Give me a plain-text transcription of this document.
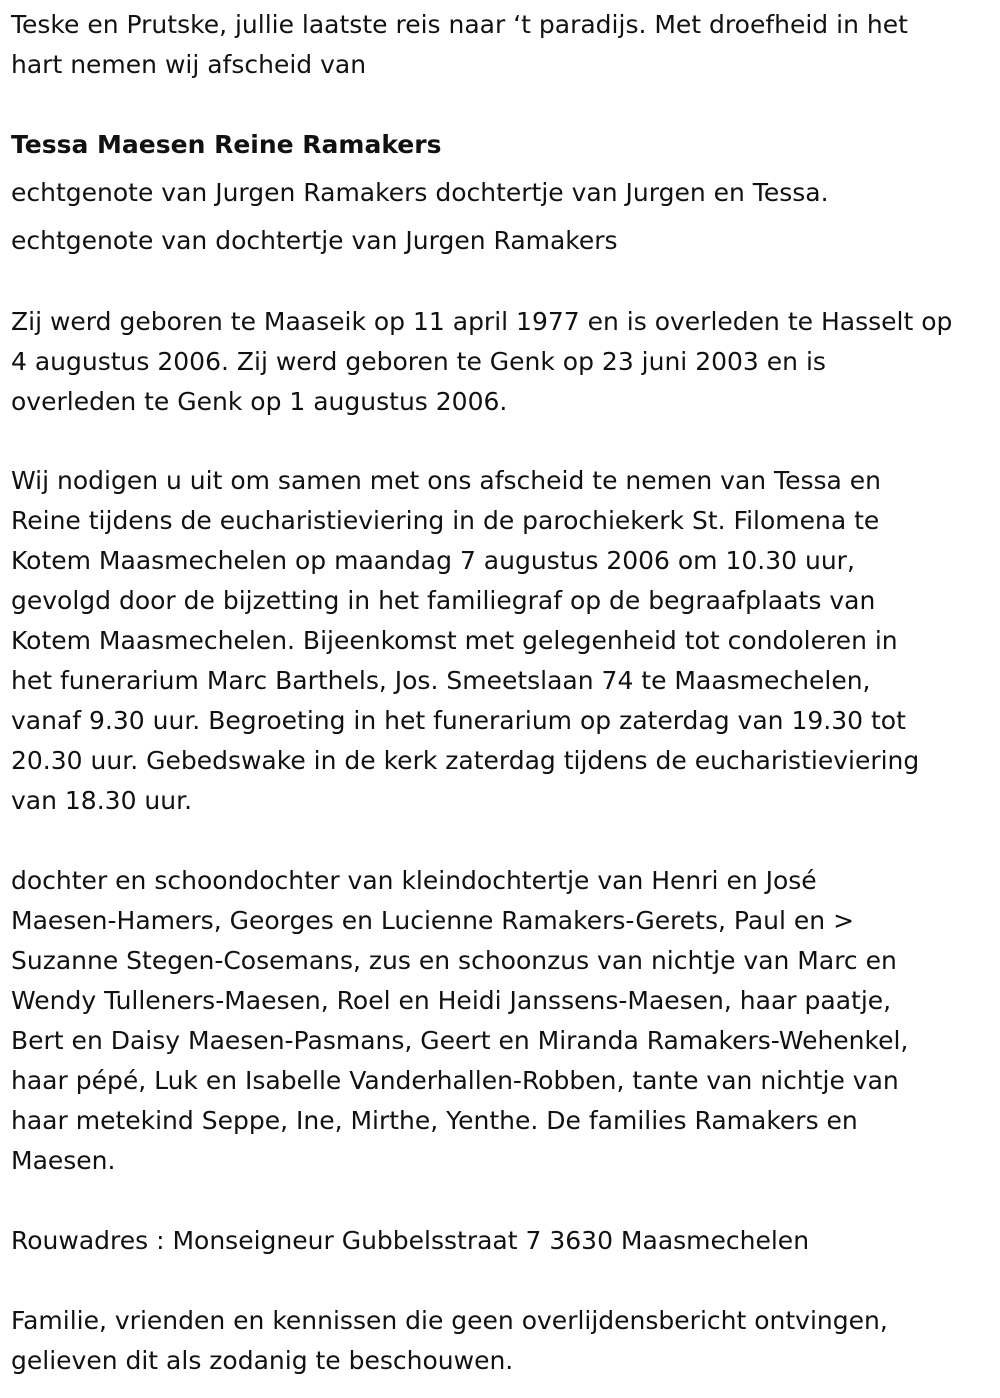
Teske en Prutske, jullie laatste reis naar ‘t paradijs. Met droefheid in het
hart nemen wij afscheid van
Tessa Maesen Reine Ramakers
echtgenote van Jurgen Ramakers dochtertje van Jurgen en Tessa.
echtgenote van dochtertje van Jurgen Ramakers
Zij werd geboren te Maaseik op 11 april 1977 en is overleden te Hasselt op
4 augustus 2006. Zij werd geboren te Genk op 23 juni 2003 en is
overleden te Genk op 1 augustus 2006.
Wij nodigen u uit om samen met ons afscheid te nemen van Tessa en
Reine tijdens de eucharistieviering in de parochiekerk St. Filomena te
Kotem Maasmechelen op maandag 7 augustus 2006 om 10.30 uur,
gevolgd door de bijzetting in het familiegraf op de begraafplaats van
Kotem Maasmechelen. Bijeenkomst met gelegenheid tot condoleren in
het funerarium Marc Barthels, Jos. Smeetslaan 74 te Maasmechelen,
vanaf 9.30 uur. Begroeting in het funerarium op zaterdag van 19.30 tot
20.30 uur. Gebedswake in de kerk zaterdag tijdens de eucharistieviering
van 18.30 uur.
dochter en schoondochter van kleindochtertje van Henri en José
Maesen-Hamers, Georges en Lucienne Ramakers-Gerets, Paul en >
Suzanne Stegen-Cosemans, zus en schoonzus van nichtje van Marc en
Wendy Tulleners-Maesen, Roel en Heidi Janssens-Maesen, haar paatje,
Bert en Daisy Maesen-Pasmans, Geert en Miranda Ramakers-Wehenkel,
haar pépé, Luk en Isabelle Vanderhallen-Robben, tante van nichtje van
haar metekind Seppe, Ine, Mirthe, Yenthe. De families Ramakers en
Maesen.
Rouwadres : Monseigneur Gubbelsstraat 7 3630 Maasmechelen
Familie, vrienden en kennissen die geen overlijdensbericht ontvingen,
gelieven dit als zodanig te beschouwen.
